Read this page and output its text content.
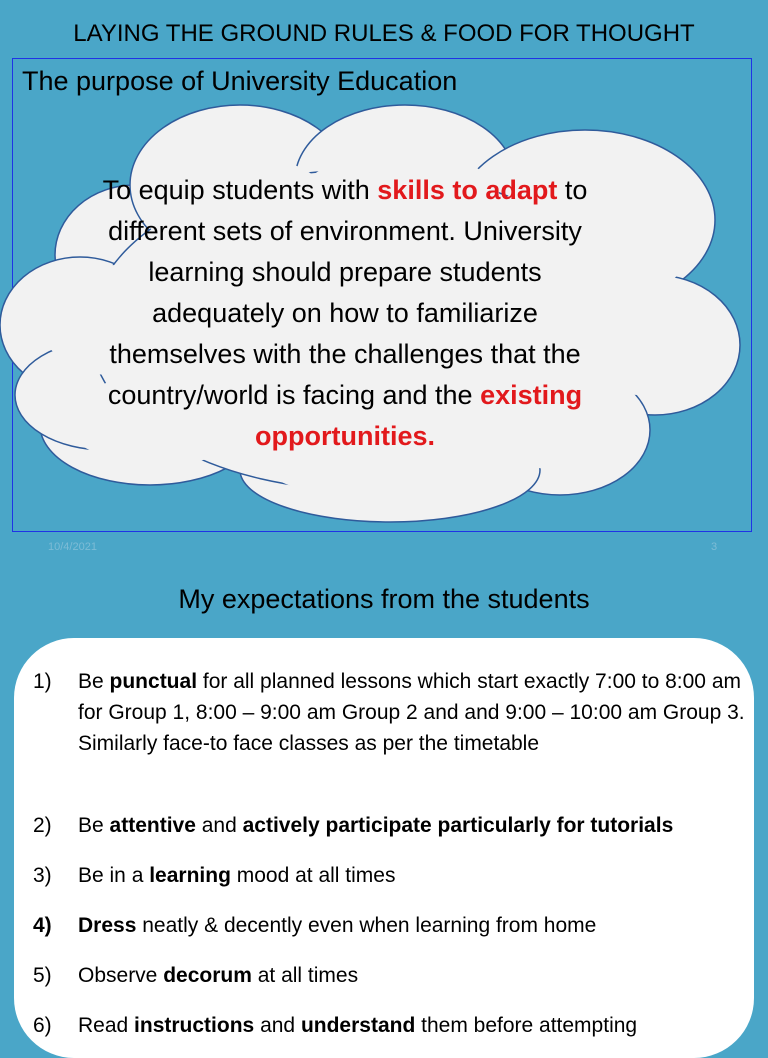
LAYING THE GROUND RULES & FOOD FOR THOUGHT
The purpose of University Education
To equip students with skills to adapt to different sets of environment. University learning should prepare students adequately on how to familiarize themselves with the challenges that the country/world is facing and the existing opportunities.
10/4/2021	3
My expectations from the students
1) Be punctual for all planned lessons which start exactly 7:00 to 8:00 am for Group 1, 8:00 – 9:00 am Group 2 and and 9:00 – 10:00 am Group 3. Similarly face-to face classes as per the timetable
2) Be attentive and actively participate particularly for tutorials
3) Be in a learning mood at all times
4) Dress neatly & decently even when learning from home
5) Observe decorum at all times
6) Read instructions and understand them before attempting
